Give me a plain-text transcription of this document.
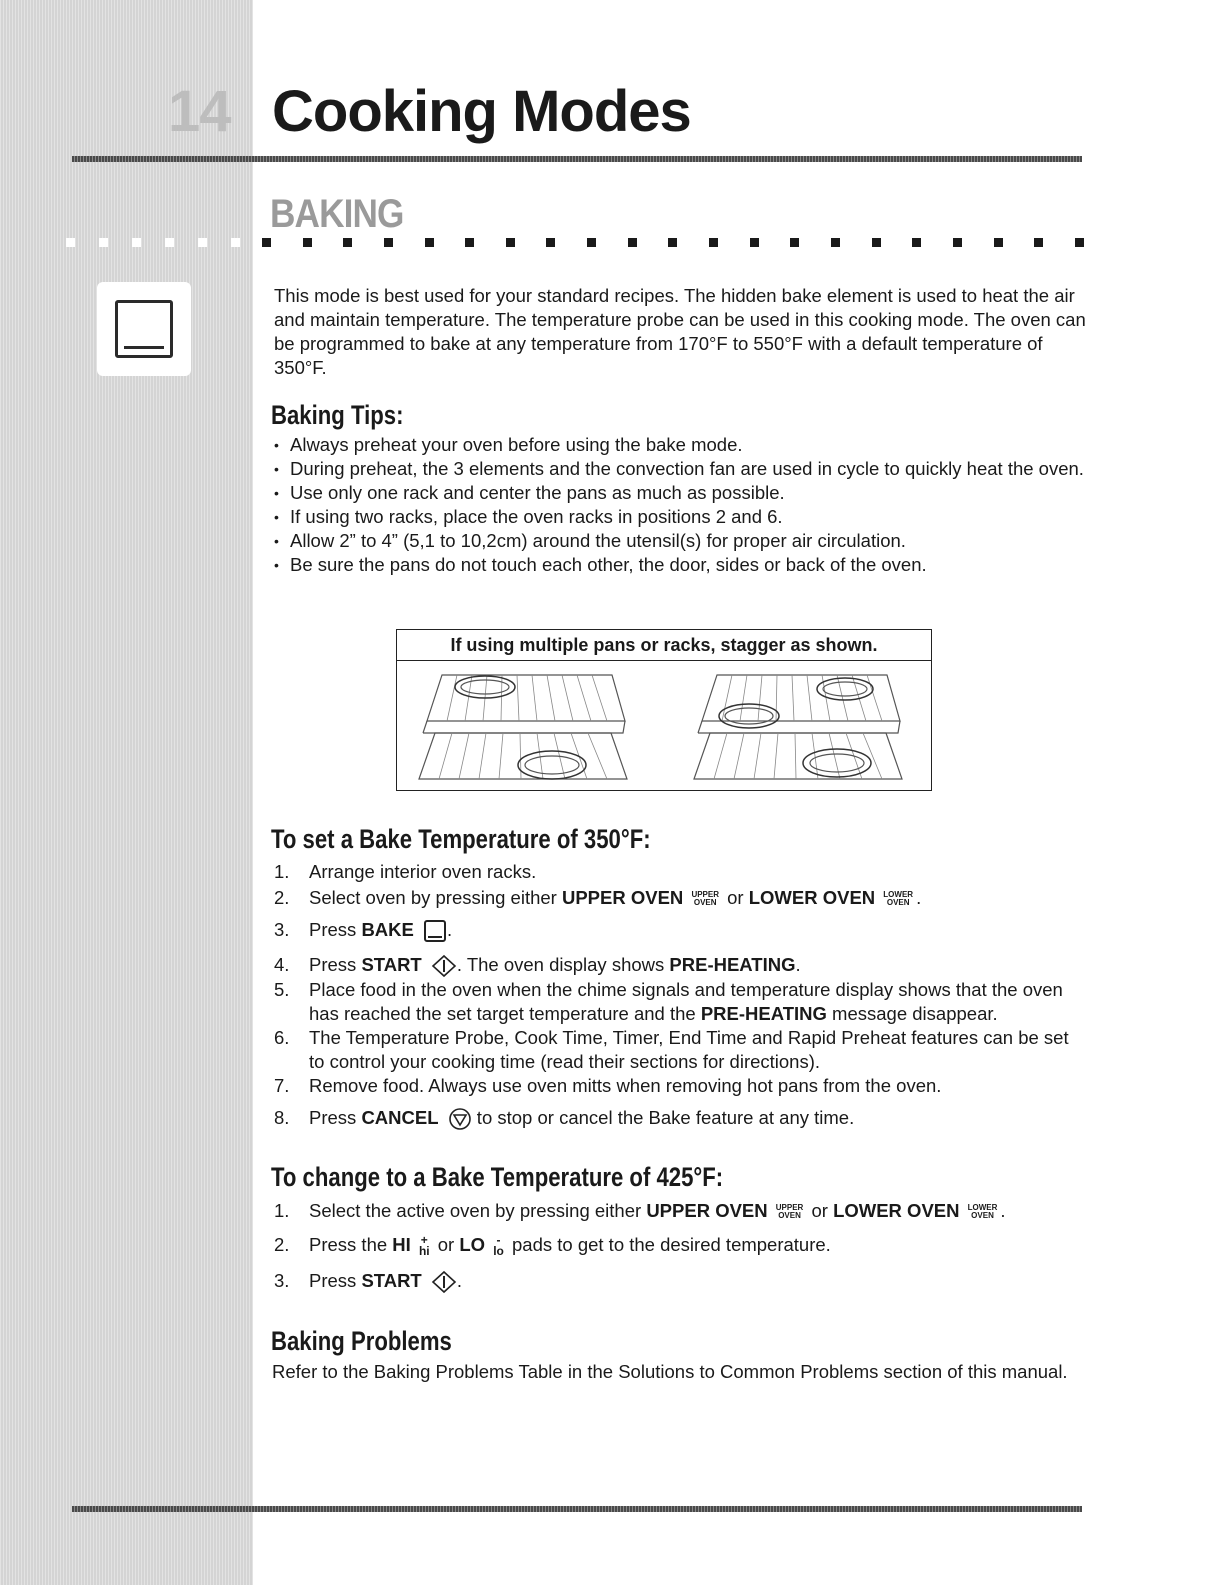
14 Cooking Modes
BAKING

This mode is best used for your standard recipes. The hidden bake element is used to heat the air and maintain temperature. The temperature probe can be used in this cooking mode. The oven can be programmed to bake at any temperature from 170°F to 550°F with a default temperature of 350°F.

Baking Tips:
• Always preheat your oven before using the bake mode.
• During preheat, the 3 elements and the convection fan are used in cycle to quickly heat the oven.
• Use only one rack and center the pans as much as possible.
• If using two racks, place the oven racks in positions 2 and 6.
• Allow 2” to 4” (5,1 to 10,2cm) around the utensil(s) for proper air circulation.
• Be sure the pans do not touch each other, the door, sides or back of the oven.
If using multiple pans or racks, stagger as shown.
To set a Bake Temperature of 350°F:
1. Arrange interior oven racks.
2. Select oven by pressing either UPPER OVEN UPPER
OVEN or LOWER OVEN LOWER
OVEN .
3. Press BAKE .
4. Press START . The oven display shows PRE-HEATING.
5. Place food in the oven when the chime signals and temperature display shows that the oven has reached the set target temperature and the PRE-HEATING message disappear.
6. The Temperature Probe, Cook Time, Timer, End Time and Rapid Preheat features can be set to control your cooking time (read their sections for directions).
7. Remove food. Always use oven mitts when removing hot pans from the oven.
8. Press CANCEL  to stop or cancel the Bake feature at any time.
To change to a Bake Temperature of 425°F:
1. Select the active oven by pressing either UPPER OVEN UPPER
OVEN or LOWER OVEN LOWER
OVEN .
2. Press the HI +
hi or LO -
lo pads to get to the desired temperature.
3. Press START .
Baking Problems

Refer to the Baking Problems Table in the Solutions to Common Problems section of this manual.
